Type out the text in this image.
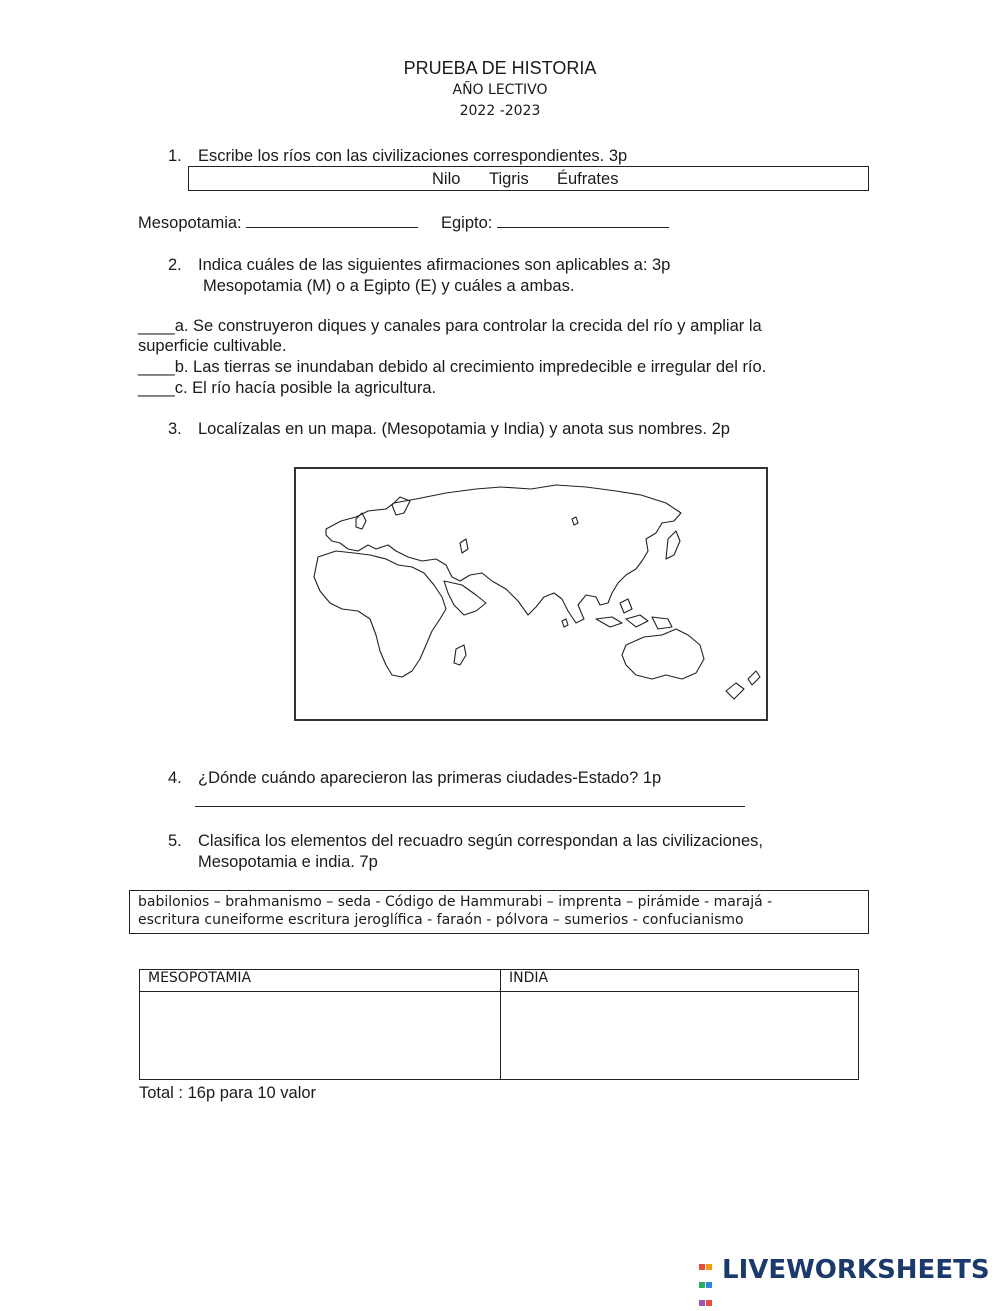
PRUEBA DE HISTORIA
AÑO LECTIVO
2022 -2023
1. Escribe los ríos con las civilizaciones correspondientes. 3p
Nilo Tigris Éufrates
Mesopotamia:	Egipto:
2. Indica cuáles de las siguientes afirmaciones son aplicables a: 3p
Mesopotamia (M) o a Egipto (E) y cuáles a ambas.
____a. Se construyeron diques y canales para controlar la crecida del río y ampliar la
superficie cultivable.
____b. Las tierras se inundaban debido al crecimiento impredecible e irregular del río.
____c. El río hacía posible la agricultura.
3. Localízalas en un mapa. (Mesopotamia y India) y anota sus nombres. 2p
4. ¿Dónde cuándo aparecieron las primeras ciudades-Estado? 1p
5. Clasifica los elementos del recuadro según correspondan a las civilizaciones,
Mesopotamia e india. 7p
babilonios – brahmanismo – seda - Código de Hammurabi – imprenta – pirámide - marajá -
escritura cuneiforme escritura jeroglífica - faraón - pólvora – sumerios - confucianismo
MESOPOTAMIA	INDIA

Total : 16p para 10 valor

LIVEWORKSHEETS
